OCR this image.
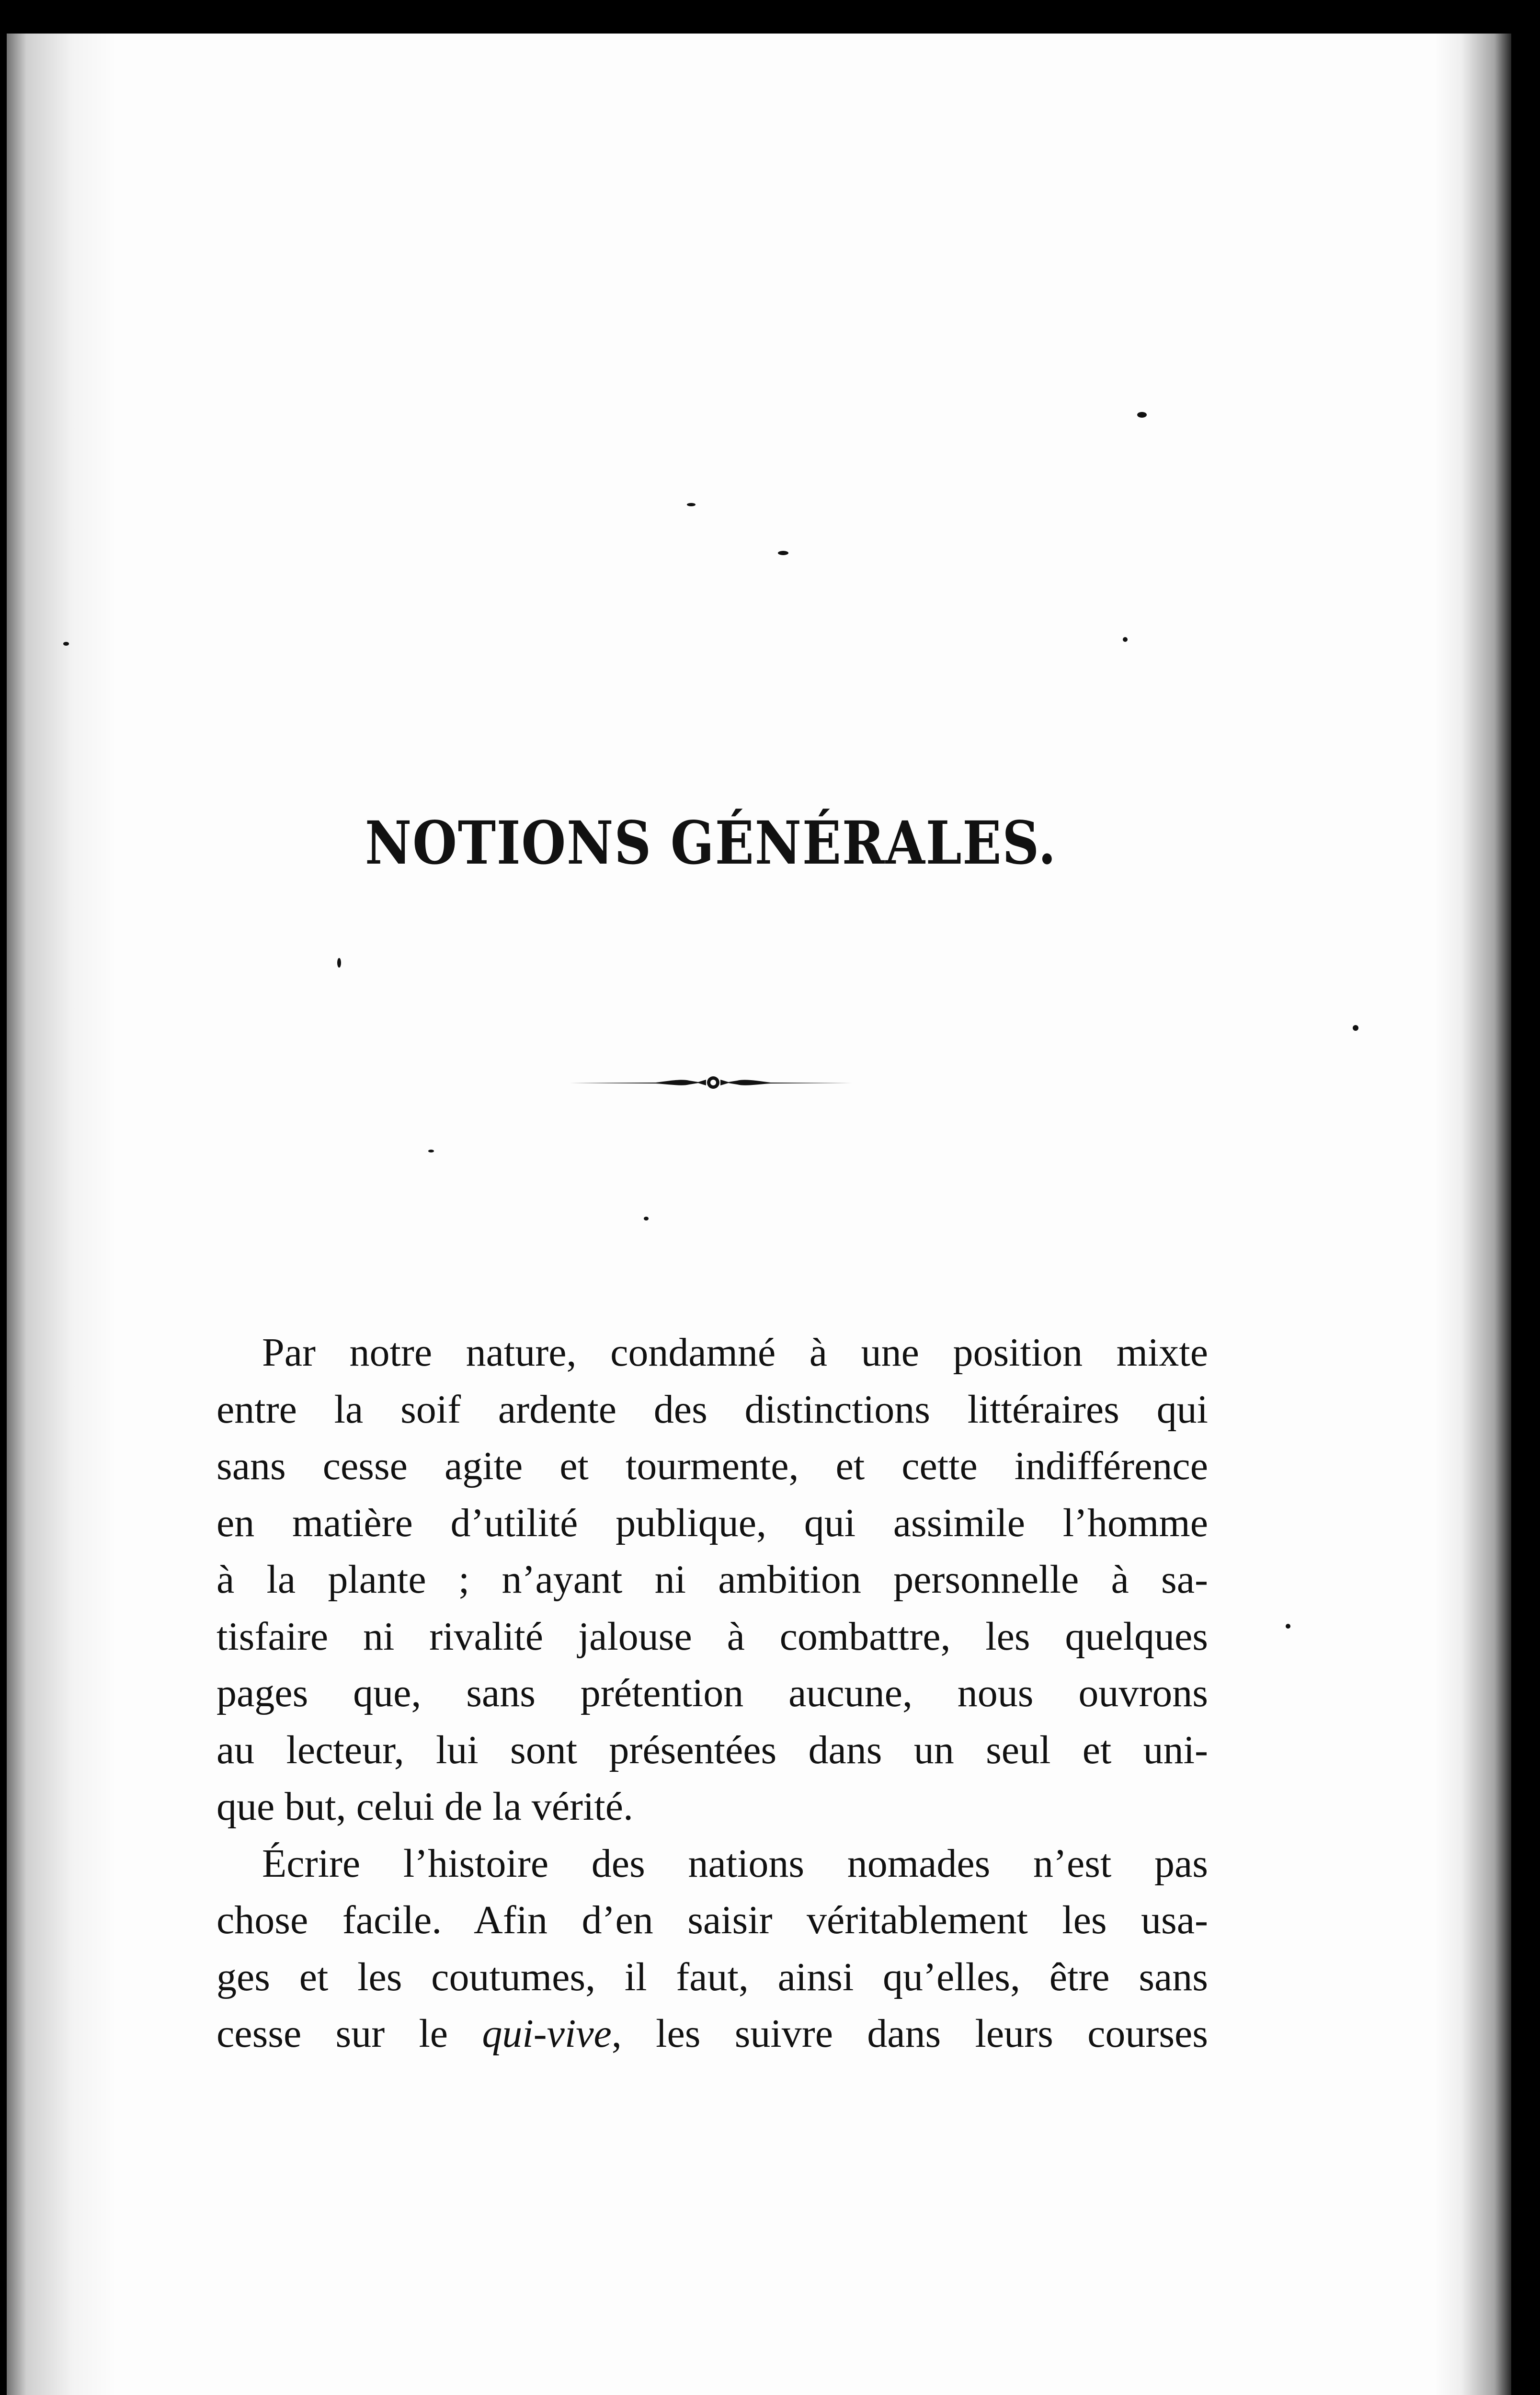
NOTIONS GÉNÉRALES.
Par notre nature, condamné à une position mixte
entre la soif ardente des distinctions littéraires qui
sans cesse agite et tourmente, et cette indifférence
en matière d’utilité publique, qui assimile l’homme
à la plante ; n’ayant ni ambition personnelle à sa-
tisfaire ni rivalité jalouse à combattre, les quelques
pages que, sans prétention aucune, nous ouvrons
au lecteur, lui sont présentées dans un seul et uni-
que but, celui de la vérité.
Écrire l’histoire des nations nomades n’est pas
chose facile. Afin d’en saisir véritablement les usa-
ges et les coutumes, il faut, ainsi qu’elles, être sans
cesse sur le qui-vive, les suivre dans leurs courses
